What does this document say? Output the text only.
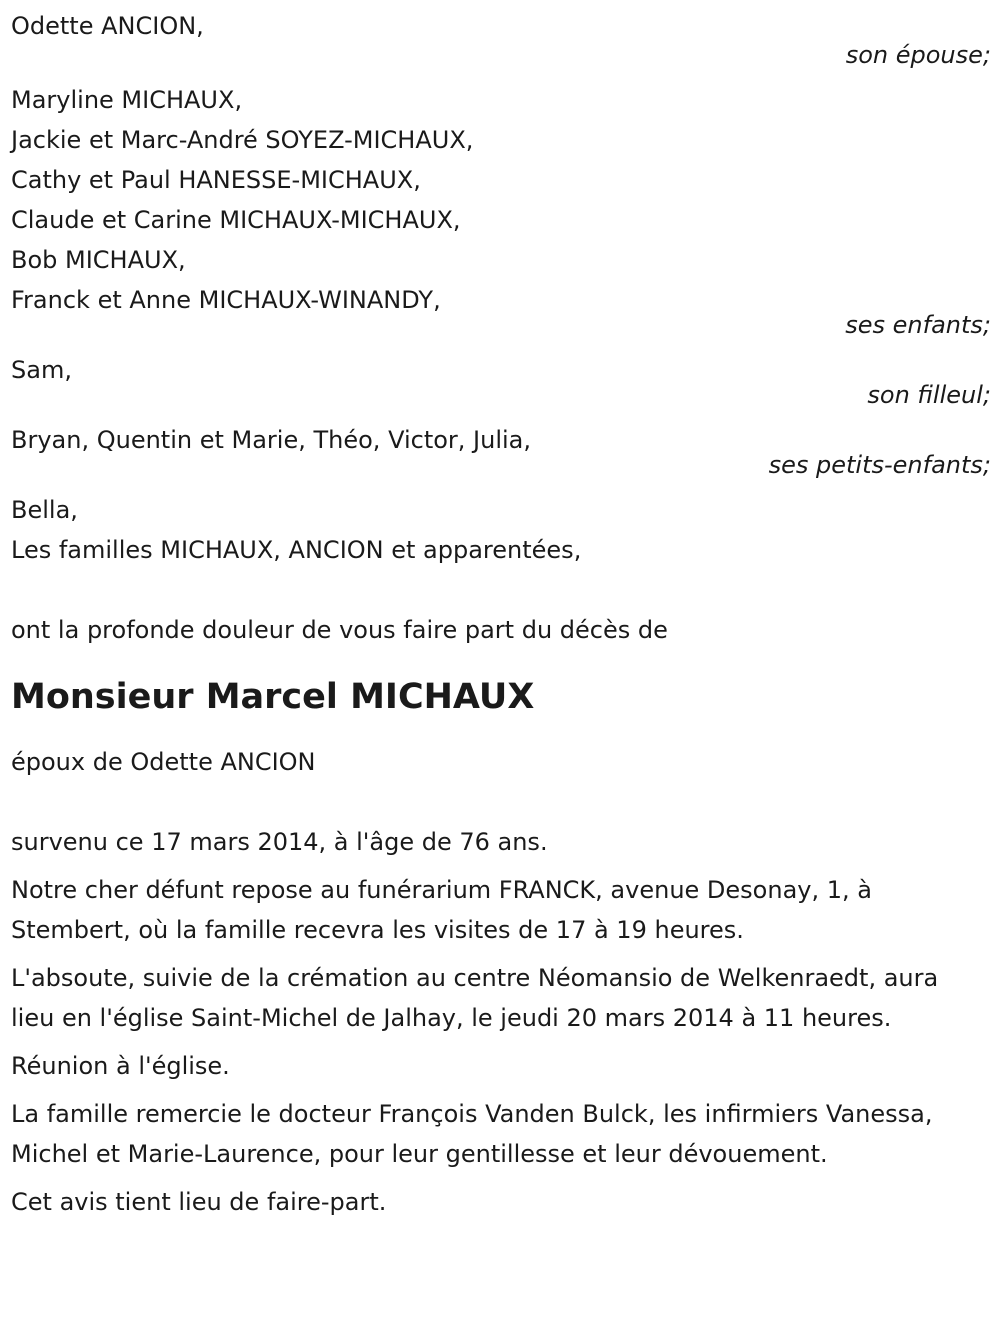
Odette ANCION,
son épouse;
Maryline MICHAUX,
Jackie et Marc-André SOYEZ-MICHAUX,
Cathy et Paul HANESSE-MICHAUX,
Claude et Carine MICHAUX-MICHAUX,
Bob MICHAUX,
Franck et Anne MICHAUX-WINANDY,
ses enfants;
Sam,
son filleul;
Bryan, Quentin et Marie, Théo, Victor, Julia,
ses petits-enfants;
Bella,
Les familles MICHAUX, ANCION et apparentées,
ont la profonde douleur de vous faire part du décès de
Monsieur Marcel MICHAUX
époux de Odette ANCION
survenu ce 17 mars 2014, à l'âge de 76 ans.
Notre cher défunt repose au funérarium FRANCK, avenue Desonay, 1, à Stembert, où la famille recevra les visites de 17 à 19 heures.
L'absoute, suivie de la crémation au centre Néomansio de Welkenraedt, aura lieu en l'église Saint-Michel de Jalhay, le jeudi 20 mars 2014 à 11 heures.
Réunion à l'église.
La famille remercie le docteur François Vanden Bulck, les infirmiers Vanessa, Michel et Marie-Laurence, pour leur gentillesse et leur dévouement.
Cet avis tient lieu de faire-part.
